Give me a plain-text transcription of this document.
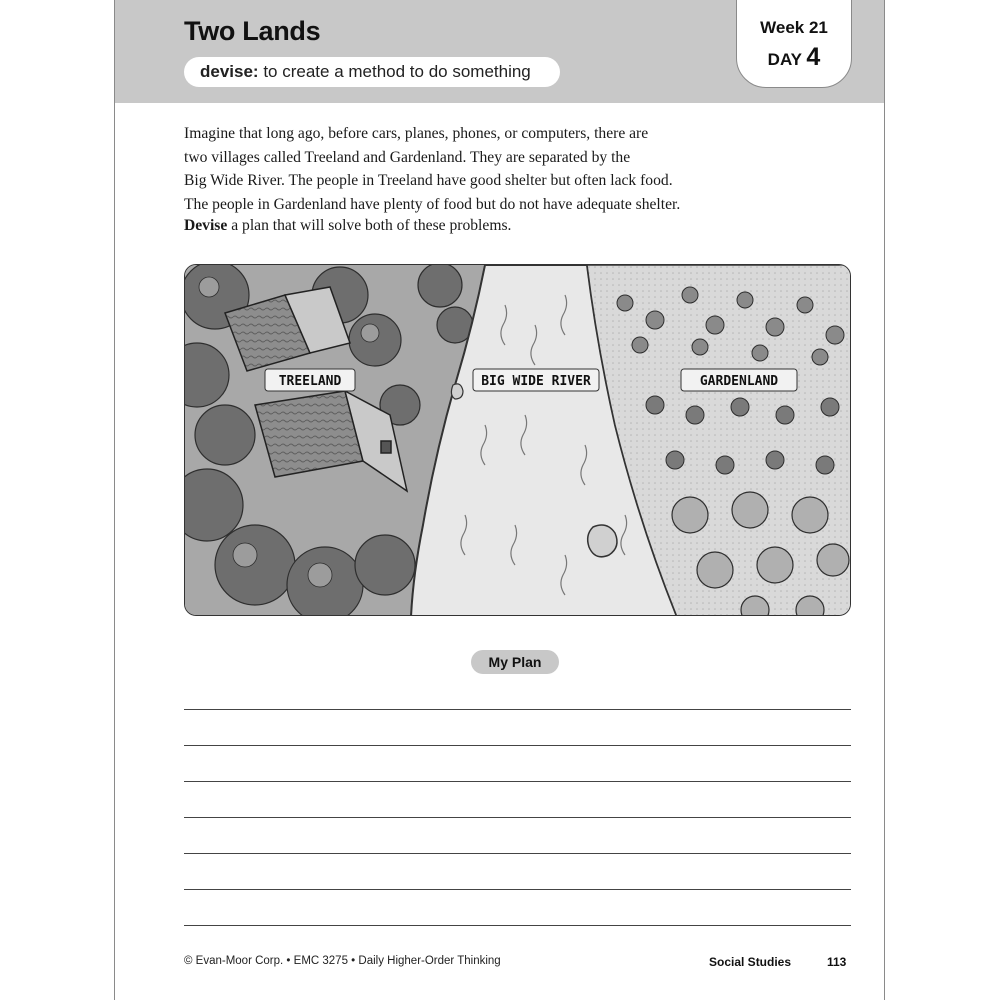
Two Lands
devise: to create a method to do something
Week 21
DAY 4

Imagine that long ago, before cars, planes, phones, or computers, there are

two villages called Treeland and Gardenland. They are separated by the

Big Wide River. The people in Treeland have good shelter but often lack food.

The people in Gardenland have plenty of food but do not have adequate shelter.

Devise a plan that will solve both of these problems.
TREELAND	BIG WIDE RIVER	GARDENLAND
My Plan
© Evan-Moor Corp. • EMC 3275 • Daily Higher-Order Thinking	Social Studies	113
